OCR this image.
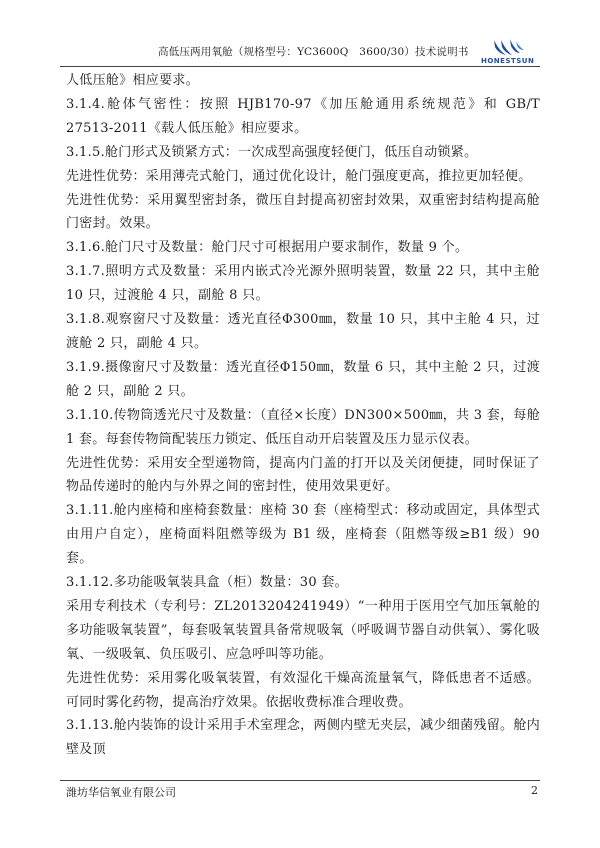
高低压两用氧舱（规格型号：YC3600Q　3600/30）技术说明书
HONESTSUN

人低压舱》相应要求。

3.1.4.舱体气密性：按照 HJB170-97《加压舱通用系统规范》和 GB/T 27513-2011《载人低压舱》相应要求。

3.1.5.舱门形式及锁紧方式：一次成型高强度轻便门，低压自动锁紧。

先进性优势：采用薄壳式舱门，通过优化设计，舱门强度更高，推拉更加轻便。

先进性优势：采用翼型密封条，微压自封提高初密封效果，双重密封结构提高舱门密封。效果。

3.1.6.舱门尺寸及数量：舱门尺寸可根据用户要求制作，数量 9 个。

3.1.7.照明方式及数量：采用内嵌式冷光源外照明装置，数量 22 只，其中主舱 10 只，过渡舱 4 只，副舱 8 只。

3.1.8.观察窗尺寸及数量：透光直径Φ300㎜，数量 10 只，其中主舱 4 只，过渡舱 2 只，副舱 4 只。

3.1.9.摄像窗尺寸及数量：透光直径Φ150㎜，数量 6 只，其中主舱 2 只，过渡舱 2 只，副舱 2 只。

3.1.10.传物筒透光尺寸及数量：（直径×长度）DN300×500㎜，共 3 套，每舱 1 套。每套传物筒配装压力锁定、低压自动开启装置及压力显示仪表。

先进性优势：采用安全型递物筒，提高内门盖的打开以及关闭便捷，同时保证了物品传递时的舱内与外界之间的密封性，使用效果更好。

3.1.11.舱内座椅和座椅套数量：座椅 30 套（座椅型式：移动或固定，具体型式由用户自定），座椅面料阻燃等级为 B1 级，座椅套（阻燃等级≥B1 级）90 套。

3.1.12.多功能吸氧装具盒（柜）数量：30 套。

采用专利技术（专利号：ZL2013204241949）“一种用于医用空气加压氧舱的多功能吸氧装置”，每套吸氧装置具备常规吸氧（呼吸调节器自动供氧）、雾化吸氧、一级吸氧、负压吸引、应急呼叫等功能。

先进性优势：采用雾化吸氧装置，有效湿化干燥高流量氧气，降低患者不适感。可同时雾化药物，提高治疗效果。依据收费标准合理收费。

3.1.13.舱内装饰的设计采用手术室理念，两侧内壁无夹层，减少细菌残留。舱内壁及顶

潍坊华信氧业有限公司	2
